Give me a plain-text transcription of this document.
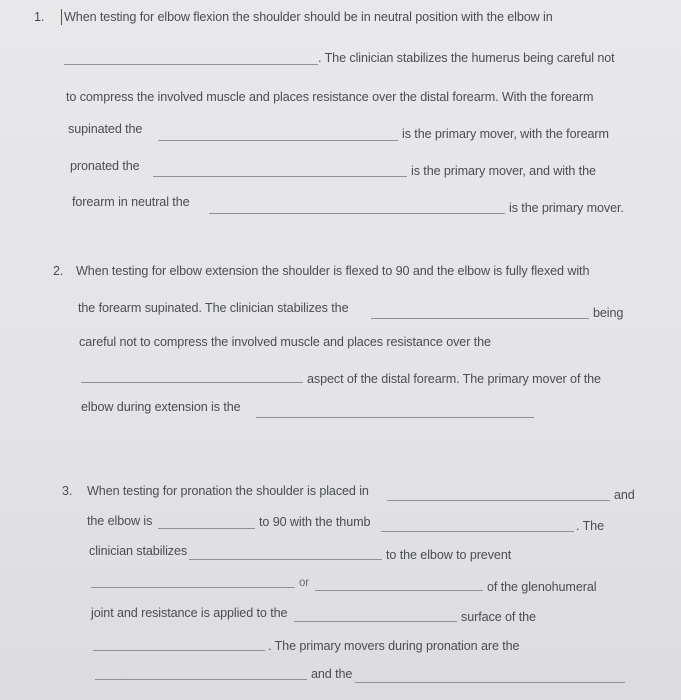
1. When testing for elbow flexion the shoulder should be in neutral position with the elbow in
. The clinician stabilizes the humerus being careful not
to compress the involved muscle and places resistance over the distal forearm. With the forearm
supinated the	is the primary mover, with the forearm
pronated the	is the primary mover, and with the
forearm in neutral the	is the primary mover.
2. When testing for elbow extension the shoulder is flexed to 90 and the elbow is fully flexed with
the forearm supinated. The clinician stabilizes the	being
careful not to compress the involved muscle and places resistance over the
aspect of the distal forearm. The primary mover of the
elbow during extension is the
3. When testing for pronation the shoulder is placed in	and
the elbow is	to 90 with the thumb	. The
clinician stabilizes	to the elbow to prevent
or	of the glenohumeral
joint and resistance is applied to the	surface of the
. The primary movers during pronation are the
and the
